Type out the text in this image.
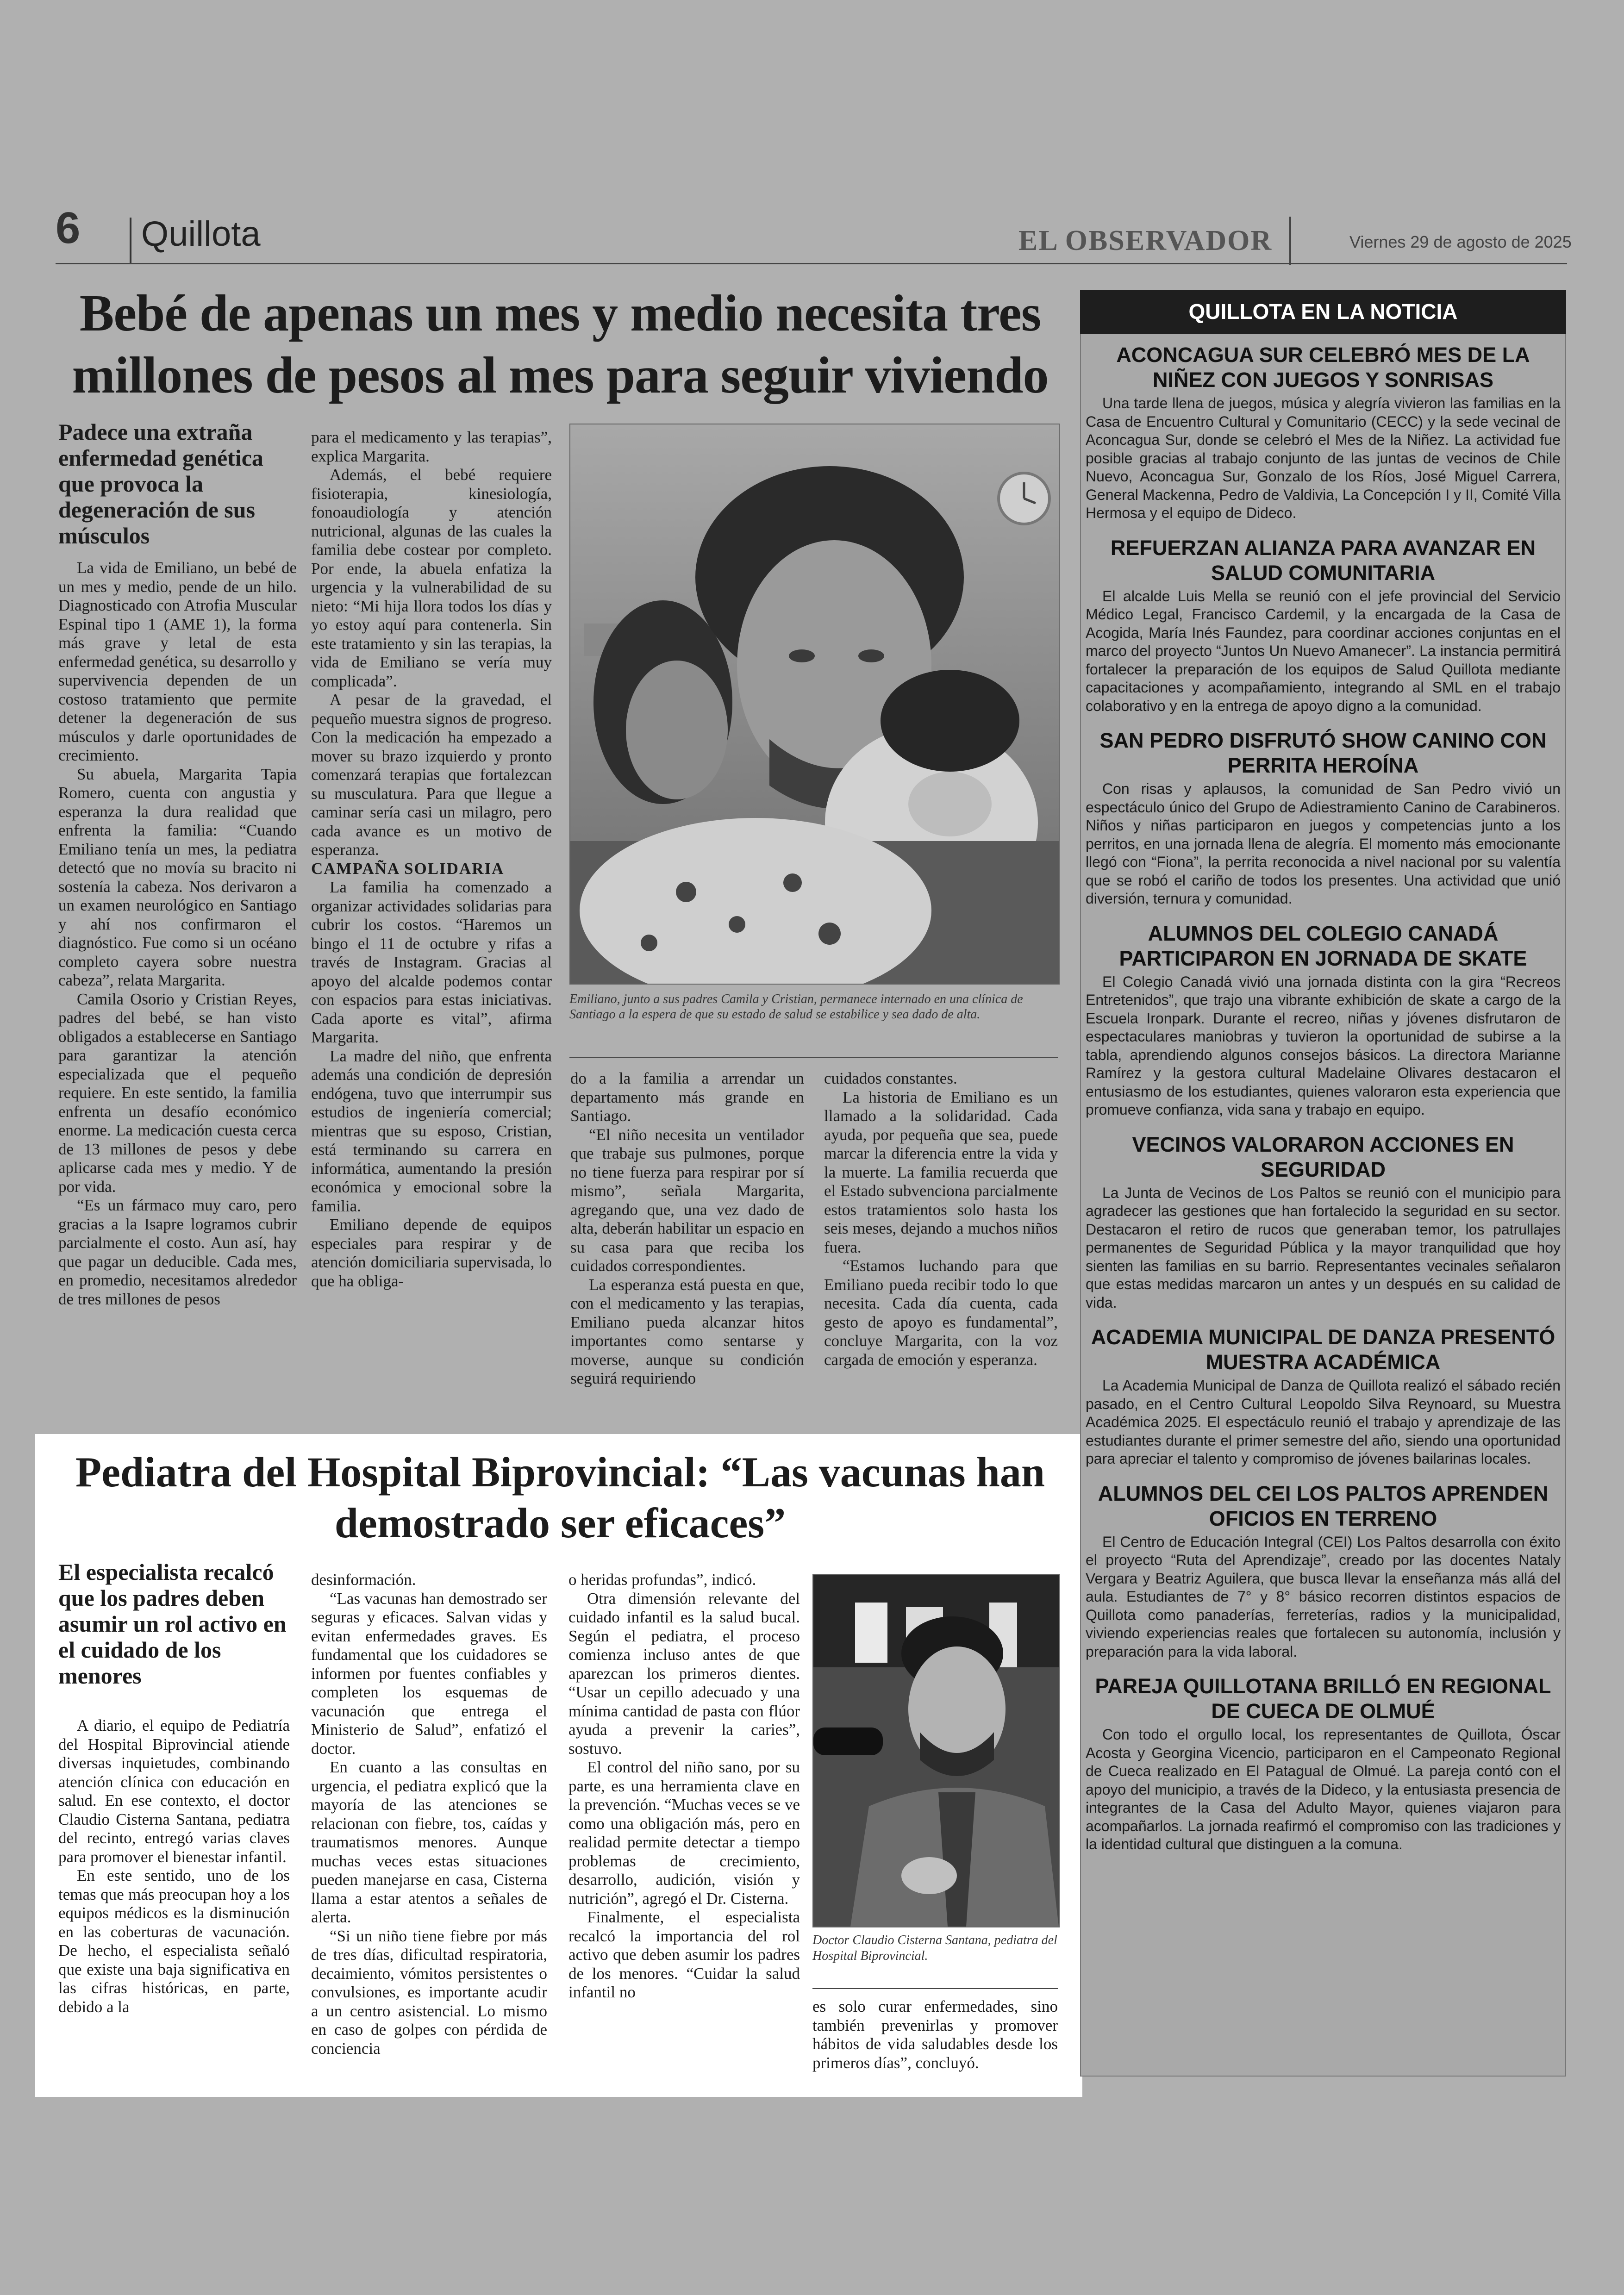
6 Quillota	EL OBSERVADOR	Viernes 29 de agosto de 2025
Bebé de apenas un mes y medio necesita tres millones de pesos al mes para seguir viviendo
Padece una extraña enfermedad genética que provoca la degeneración de sus músculos

La vida de Emiliano, un bebé de un mes y medio, pende de un hilo. Diagnosticado con Atrofia Muscular Espinal tipo 1 (AME 1), la forma más grave y letal de esta enfermedad genética, su desarrollo y supervivencia dependen de un costoso tratamiento que permite detener la degeneración de sus músculos y darle oportunidades de crecimiento.

Su abuela, Margarita Tapia Romero, cuenta con angustia y esperanza la dura realidad que enfrenta la familia: “Cuando Emiliano tenía un mes, la pediatra detectó que no movía su bracito ni sostenía la cabeza. Nos derivaron a un examen neurológico en Santiago y ahí nos confirmaron el diagnóstico. Fue como si un océano completo cayera sobre nuestra cabeza”, relata Margarita.

Camila Osorio y Cristian Reyes, padres del bebé, se han visto obligados a establecerse en Santiago para garantizar la atención especializada que el pequeño requiere. En este sentido, la familia enfrenta un desafío económico enorme. La medicación cuesta cerca de 13 millones de pesos y debe aplicarse cada mes y medio. Y de por vida.

“Es un fármaco muy caro, pero gracias a la Isapre logramos cubrir parcialmente el costo. Aun así, hay que pagar un deducible. Cada mes, en promedio, necesitamos alrededor de tres millones de pesos

para el medicamento y las terapias”, explica Margarita.

Además, el bebé requiere fisioterapia, kinesiología, fonoaudiología y atención nutricional, algunas de las cuales la familia debe costear por completo. Por ende, la abuela enfatiza la urgencia y la vulnerabilidad de su nieto: “Mi hija llora todos los días y yo estoy aquí para contenerla. Sin este tratamiento y sin las terapias, la vida de Emiliano se vería muy complicada”.

A pesar de la gravedad, el pequeño muestra signos de progreso. Con la medicación ha empezado a mover su brazo izquierdo y pronto comenzará terapias que fortalezcan su musculatura. Para que llegue a caminar sería casi un milagro, pero cada avance es un motivo de esperanza.

CAMPAÑA SOLIDARIA

La familia ha comenzado a organizar actividades solidarias para cubrir los costos. “Haremos un bingo el 11 de octubre y rifas a través de Instagram. Gracias al apoyo del alcalde podemos contar con espacios para estas iniciativas. Cada aporte es vital”, afirma Margarita.

La madre del niño, que enfrenta además una condición de depresión endógena, tuvo que interrumpir sus estudios de ingeniería comercial; mientras que su esposo, Cristian, está terminando su carrera en informática, aumentando la presión económica y emocional sobre la familia.

Emiliano depende de equipos especiales para respirar y de atención domiciliaria supervisada, lo que ha obliga-

Emiliano, junto a sus padres Camila y Cristian, permanece internado en una clínica de Santiago a la espera de que su estado de salud se estabilice y sea dado de alta.

do a la familia a arrendar un departamento más grande en Santiago.

“El niño necesita un ventilador que trabaje sus pulmones, porque no tiene fuerza para respirar por sí mismo”, señala Margarita, agregando que, una vez dado de alta, deberán habilitar un espacio en su casa para que reciba los cuidados correspondientes.

La esperanza está puesta en que, con el medicamento y las terapias, Emiliano pueda alcanzar hitos importantes como sentarse y moverse, aunque su condición seguirá requiriendo

cuidados constantes.

La historia de Emiliano es un llamado a la solidaridad. Cada ayuda, por pequeña que sea, puede marcar la diferencia entre la vida y la muerte. La familia recuerda que el Estado subvenciona parcialmente estos tratamientos solo hasta los seis meses, dejando a muchos niños fuera.

“Estamos luchando para que Emiliano pueda recibir todo lo que necesita. Cada día cuenta, cada gesto de apoyo es fundamental”, concluye Margarita, con la voz cargada de emoción y esperanza.

Pediatra del Hospital Biprovincial: “Las vacunas han demostrado ser eficaces”
El especialista recalcó que los padres deben asumir un rol activo en el cuidado de los menores

A diario, el equipo de Pediatría del Hospital Biprovincial atiende diversas inquietudes, combinando atención clínica con educación en salud. En ese contexto, el doctor Claudio Cisterna Santana, pediatra del recinto, entregó varias claves para promover el bienestar infantil.

En este sentido, uno de los temas que más preocupan hoy a los equipos médicos es la disminución en las coberturas de vacunación. De hecho, el especialista señaló que existe una baja significativa en las cifras históricas, en parte, debido a la

desinformación.

“Las vacunas han demostrado ser seguras y eficaces. Salvan vidas y evitan enfermedades graves. Es fundamental que los cuidadores se informen por fuentes confiables y completen los esquemas de vacunación que entrega el Ministerio de Salud”, enfatizó el doctor.

En cuanto a las consultas en urgencia, el pediatra explicó que la mayoría de las atenciones se relacionan con fiebre, tos, caídas y traumatismos menores. Aunque muchas veces estas situaciones pueden manejarse en casa, Cisterna llama a estar atentos a señales de alerta.

“Si un niño tiene fiebre por más de tres días, dificultad respiratoria, decaimiento, vómitos persistentes o convulsiones, es importante acudir a un centro asistencial. Lo mismo en caso de golpes con pérdida de conciencia

o heridas profundas”, indicó.

Otra dimensión relevante del cuidado infantil es la salud bucal. Según el pediatra, el proceso comienza incluso antes de que aparezcan los primeros dientes. “Usar un cepillo adecuado y una mínima cantidad de pasta con flúor ayuda a prevenir la caries”, sostuvo.

El control del niño sano, por su parte, es una herramienta clave en la prevención. “Muchas veces se ve como una obligación más, pero en realidad permite detectar a tiempo problemas de crecimiento, desarrollo, audición, visión y nutrición”, agregó el Dr. Cisterna.

Finalmente, el especialista recalcó la importancia del rol activo que deben asumir los padres de los menores. “Cuidar la salud infantil no

Doctor Claudio Cisterna Santana, pediatra del Hospital Biprovincial.

es solo curar enfermedades, sino también prevenirlas y promover hábitos de vida saludables desde los primeros días”, concluyó.

QUILLOTA EN LA NOTICIA
ACONCAGUA SUR CELEBRÓ MES DE LA NIÑEZ CON JUEGOS Y SONRISAS

Una tarde llena de juegos, música y alegría vivieron las familias en la Casa de Encuentro Cultural y Comunitario (CECC) y la sede vecinal de Aconcagua Sur, donde se celebró el Mes de la Niñez. La actividad fue posible gracias al trabajo conjunto de las juntas de vecinos de Chile Nuevo, Aconcagua Sur, Gonzalo de los Ríos, José Miguel Carrera, General Mackenna, Pedro de Valdivia, La Concepción I y II, Comité Villa Hermosa y el equipo de Dideco.

REFUERZAN ALIANZA PARA AVANZAR EN SALUD COMUNITARIA

El alcalde Luis Mella se reunió con el jefe provincial del Servicio Médico Legal, Francisco Cardemil, y la encargada de la Casa de Acogida, María Inés Faundez, para coordinar acciones conjuntas en el marco del proyecto “Juntos Un Nuevo Amanecer”. La instancia permitirá fortalecer la preparación de los equipos de Salud Quillota mediante capacitaciones y acompañamiento, integrando al SML en el trabajo colaborativo y en la entrega de apoyo digno a la comunidad.

SAN PEDRO DISFRUTÓ SHOW CANINO CON PERRITA HEROÍNA

Con risas y aplausos, la comunidad de San Pedro vivió un espectáculo único del Grupo de Adiestramiento Canino de Carabineros. Niños y niñas participaron en juegos y competencias junto a los perritos, en una jornada llena de alegría. El momento más emocionante llegó con “Fiona”, la perrita reconocida a nivel nacional por su valentía que se robó el cariño de todos los presentes. Una actividad que unió diversión, ternura y comunidad.

ALUMNOS DEL COLEGIO CANADÁ PARTICIPARON EN JORNADA DE SKATE

El Colegio Canadá vivió una jornada distinta con la gira “Recreos Entretenidos”, que trajo una vibrante exhibición de skate a cargo de la Escuela Ironpark. Durante el recreo, niñas y jóvenes disfrutaron de espectaculares maniobras y tuvieron la oportunidad de subirse a la tabla, aprendiendo algunos consejos básicos. La directora Marianne Ramírez y la gestora cultural Madelaine Olivares destacaron el entusiasmo de los estudiantes, quienes valoraron esta experiencia que promueve confianza, vida sana y trabajo en equipo.

VECINOS VALORARON ACCIONES EN SEGURIDAD

La Junta de Vecinos de Los Paltos se reunió con el municipio para agradecer las gestiones que han fortalecido la seguridad en su sector. Destacaron el retiro de rucos que generaban temor, los patrullajes permanentes de Seguridad Pública y la mayor tranquilidad que hoy sienten las familias en su barrio. Representantes vecinales señalaron que estas medidas marcaron un antes y un después en su calidad de vida.

ACADEMIA MUNICIPAL DE DANZA PRESENTÓ MUESTRA ACADÉMICA

La Academia Municipal de Danza de Quillota realizó el sábado recién pasado, en el Centro Cultural Leopoldo Silva Reynoard, su Muestra Académica 2025. El espectáculo reunió el trabajo y aprendizaje de las estudiantes durante el primer semestre del año, siendo una oportunidad para apreciar el talento y compromiso de jóvenes bailarinas locales.

ALUMNOS DEL CEI LOS PALTOS APRENDEN OFICIOS EN TERRENO

El Centro de Educación Integral (CEI) Los Paltos desarrolla con éxito el proyecto “Ruta del Aprendizaje”, creado por las docentes Nataly Vergara y Beatriz Aguilera, que busca llevar la enseñanza más allá del aula. Estudiantes de 7° y 8° básico recorren distintos espacios de Quillota como panaderías, ferreterías, radios y la municipalidad, viviendo experiencias reales que fortalecen su autonomía, inclusión y preparación para la vida laboral.

PAREJA QUILLOTANA BRILLÓ EN REGIONAL DE CUECA DE OLMUÉ

Con todo el orgullo local, los representantes de Quillota, Óscar Acosta y Georgina Vicencio, participaron en el Campeonato Regional de Cueca realizado en El Patagual de Olmué. La pareja contó con el apoyo del municipio, a través de la Dideco, y la entusiasta presencia de integrantes de la Casa del Adulto Mayor, quienes viajaron para acompañarlos. La jornada reafirmó el compromiso con las tradiciones y la identidad cultural que distinguen a la comuna.
